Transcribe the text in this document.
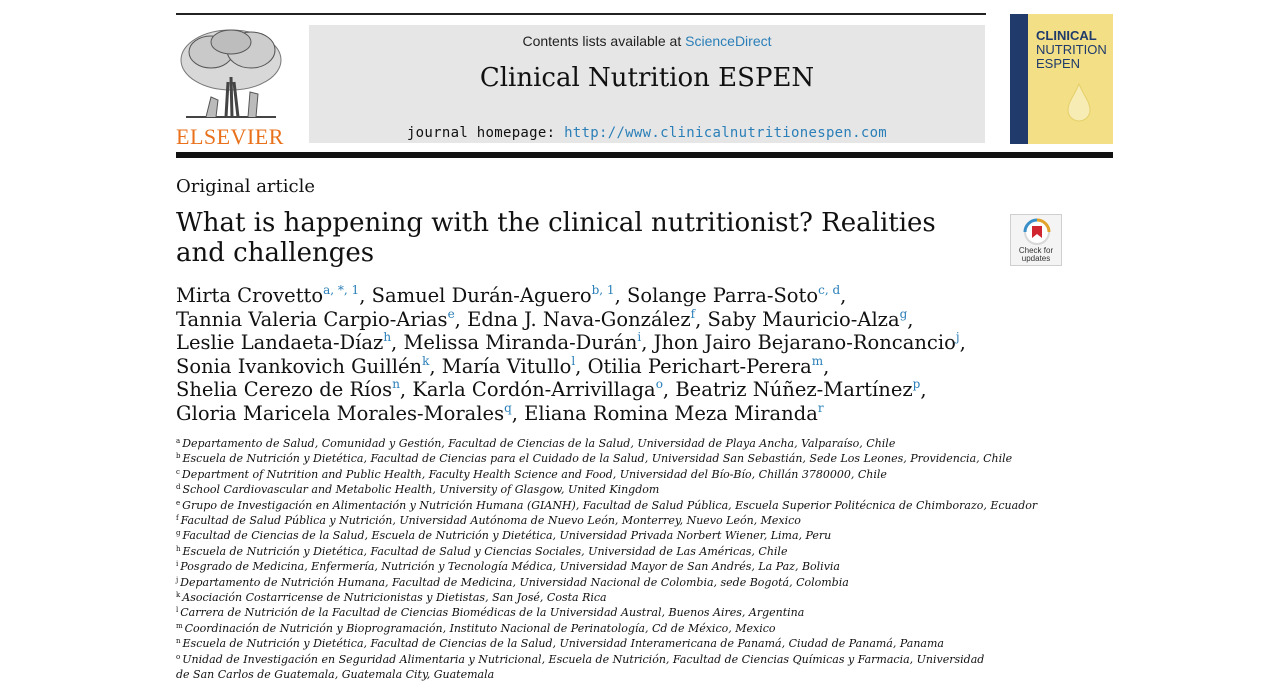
ELSEVIER
Contents lists available at ScienceDirect
Clinical Nutrition ESPEN
journal homepage: http://www.clinicalnutritionespen.com
CLINICAL
NUTRITION
ESPEN
Original article
What is happening with the clinical nutritionist? Realities and challenges	Check for
updates
Mirta Crovetto$^{a, *, 1}$, Samuel Durán-Aguero$^{b, 1}$, Solange Parra-Soto$^{c, d}$,
Tannia Valeria Carpio-Arias$^e$, Edna J. Nava-González$^f$, Saby Mauricio-Alza$^g$,
Leslie Landaeta-Díaz$^h$, Melissa Miranda-Durán$^i$, Jhon Jairo Bejarano-Roncancio$^j$,
Sonia Ivankovich Guillén$^k$, María Vitullo$^l$, Otilia Perichart-Perera$^m$,
Shelia Cerezo de Ríos$^n$, Karla Cordón-Arrivillaga$^o$, Beatriz Núñez-Martínez$^p$,
Gloria Maricela Morales-Morales$^q$, Eliana Romina Meza Miranda$^r$
$^a$ Departamento de Salud, Comunidad y Gestión, Facultad de Ciencias de la Salud, Universidad de Playa Ancha, Valparaíso, Chile
$^b$ Escuela de Nutrición y Dietética, Facultad de Ciencias para el Cuidado de la Salud, Universidad San Sebastián, Sede Los Leones, Providencia, Chile
$^c$ Department of Nutrition and Public Health, Faculty Health Science and Food, Universidad del Bío-Bío, Chillán 3780000, Chile
$^d$ School Cardiovascular and Metabolic Health, University of Glasgow, United Kingdom
$^e$ Grupo de Investigación en Alimentación y Nutrición Humana (GIANH), Facultad de Salud Pública, Escuela Superior Politécnica de Chimborazo, Ecuador
$^f$ Facultad de Salud Pública y Nutrición, Universidad Autónoma de Nuevo León, Monterrey, Nuevo León, Mexico
$^g$ Facultad de Ciencias de la Salud, Escuela de Nutrición y Dietética, Universidad Privada Norbert Wiener, Lima, Peru
$^h$ Escuela de Nutrición y Dietética, Facultad de Salud y Ciencias Sociales, Universidad de Las Américas, Chile
$^i$ Posgrado de Medicina, Enfermería, Nutrición y Tecnología Médica, Universidad Mayor de San Andrés, La Paz, Bolivia
$^j$ Departamento de Nutrición Humana, Facultad de Medicina, Universidad Nacional de Colombia, sede Bogotá, Colombia
$^k$ Asociación Costarricense de Nutricionistas y Dietistas, San José, Costa Rica
$^l$ Carrera de Nutrición de la Facultad de Ciencias Biomédicas de la Universidad Austral, Buenos Aires, Argentina
$^m$ Coordinación de Nutrición y Bioprogramación, Instituto Nacional de Perinatología, Cd de México, Mexico
$^n$ Escuela de Nutrición y Dietética, Facultad de Ciencias de la Salud, Universidad Interamericana de Panamá, Ciudad de Panamá, Panama
$^o$ Unidad de Investigación en Seguridad Alimentaria y Nutricional, Escuela de Nutrición, Facultad de Ciencias Químicas y Farmacia, Universidad de San Carlos de Guatemala, Guatemala City, Guatemala
